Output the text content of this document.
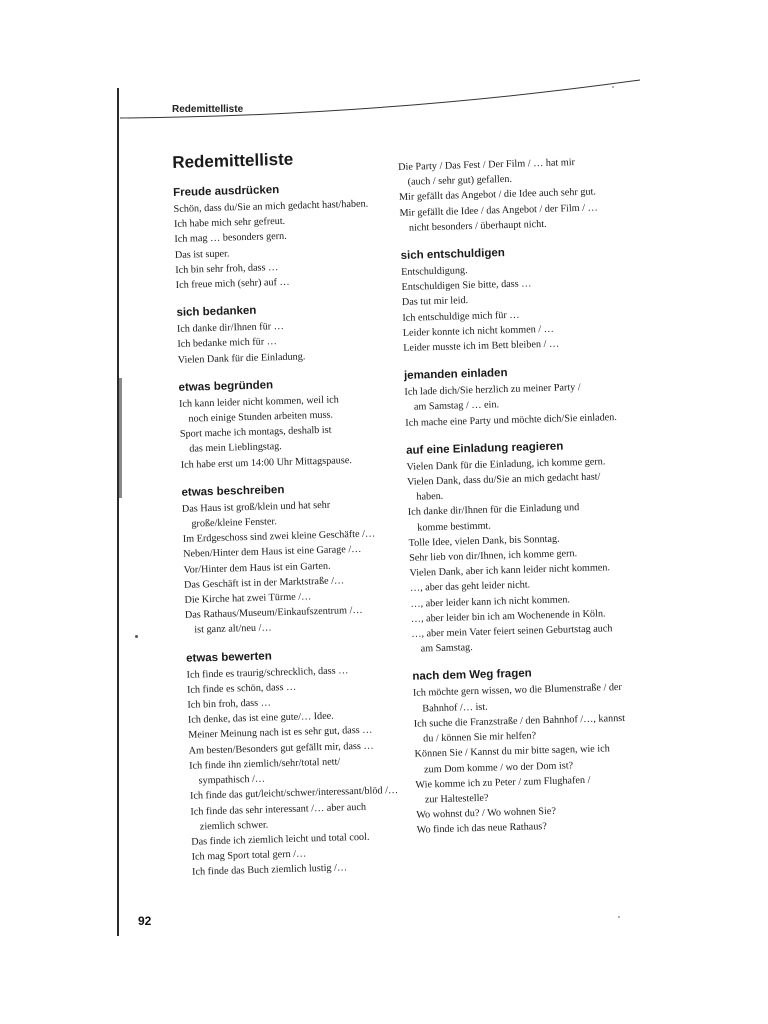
Redemittelliste
Redemittelliste
Freude ausdrücken
Schön, dass du/Sie an mich gedacht hast/haben.
Ich habe mich sehr gefreut.
Ich mag … besonders gern.
Das ist super.
Ich bin sehr froh, dass …
Ich freue mich (sehr) auf …
sich bedanken
Ich danke dir/Ihnen für …
Ich bedanke mich für …
Vielen Dank für die Einladung.
etwas begründen
Ich kann leider nicht kommen, weil ich
noch einige Stunden arbeiten muss.
Sport mache ich montags, deshalb ist
das mein Lieblingstag.
Ich habe erst um 14:00 Uhr Mittagspause.
etwas beschreiben
Das Haus ist groß/klein und hat sehr
große/kleine Fenster.
Im Erdgeschoss sind zwei kleine Geschäfte /…
Neben/Hinter dem Haus ist eine Garage /…
Vor/Hinter dem Haus ist ein Garten.
Das Geschäft ist in der Marktstraße /…
Die Kirche hat zwei Türme /…
Das Rathaus/Museum/Einkaufszentrum /…
ist ganz alt/neu /…
etwas bewerten
Ich finde es traurig/schrecklich, dass …
Ich finde es schön, dass …
Ich bin froh, dass …
Ich denke, das ist eine gute/… Idee.
Meiner Meinung nach ist es sehr gut, dass …
Am besten/Besonders gut gefällt mir, dass …
Ich finde ihn ziemlich/sehr/total nett/
sympathisch /…
Ich finde das gut/leicht/schwer/interessant/blöd /…
Ich finde das sehr interessant /… aber auch
ziemlich schwer.
Das finde ich ziemlich leicht und total cool.
Ich mag Sport total gern /…
Ich finde das Buch ziemlich lustig /…
Die Party / Das Fest / Der Film / … hat mir
(auch / sehr gut) gefallen.
Mir gefällt das Angebot / die Idee auch sehr gut.
Mir gefällt die Idee / das Angebot / der Film / …
nicht besonders / überhaupt nicht.
sich entschuldigen
Entschuldigung.
Entschuldigen Sie bitte, dass …
Das tut mir leid.
Ich entschuldige mich für …
Leider konnte ich nicht kommen / …
Leider musste ich im Bett bleiben / …
jemanden einladen
Ich lade dich/Sie herzlich zu meiner Party /
am Samstag / … ein.
Ich mache eine Party und möchte dich/Sie einladen.
auf eine Einladung reagieren
Vielen Dank für die Einladung, ich komme gern.
Vielen Dank, dass du/Sie an mich gedacht hast/
haben.
Ich danke dir/Ihnen für die Einladung und
komme bestimmt.
Tolle Idee, vielen Dank, bis Sonntag.
Sehr lieb von dir/Ihnen, ich komme gern.
Vielen Dank, aber ich kann leider nicht kommen.
…, aber das geht leider nicht.
…, aber leider kann ich nicht kommen.
…, aber leider bin ich am Wochenende in Köln.
…, aber mein Vater feiert seinen Geburtstag auch
am Samstag.
nach dem Weg fragen
Ich möchte gern wissen, wo die Blumenstraße / der
Bahnhof /… ist.
Ich suche die Franzstraße / den Bahnhof /…, kannst
du / können Sie mir helfen?
Können Sie / Kannst du mir bitte sagen, wie ich
zum Dom komme / wo der Dom ist?
Wie komme ich zu Peter / zum Flughafen /
zur Haltestelle?
Wo wohnst du? / Wo wohnen Sie?
Wo finde ich das neue Rathaus?
92
